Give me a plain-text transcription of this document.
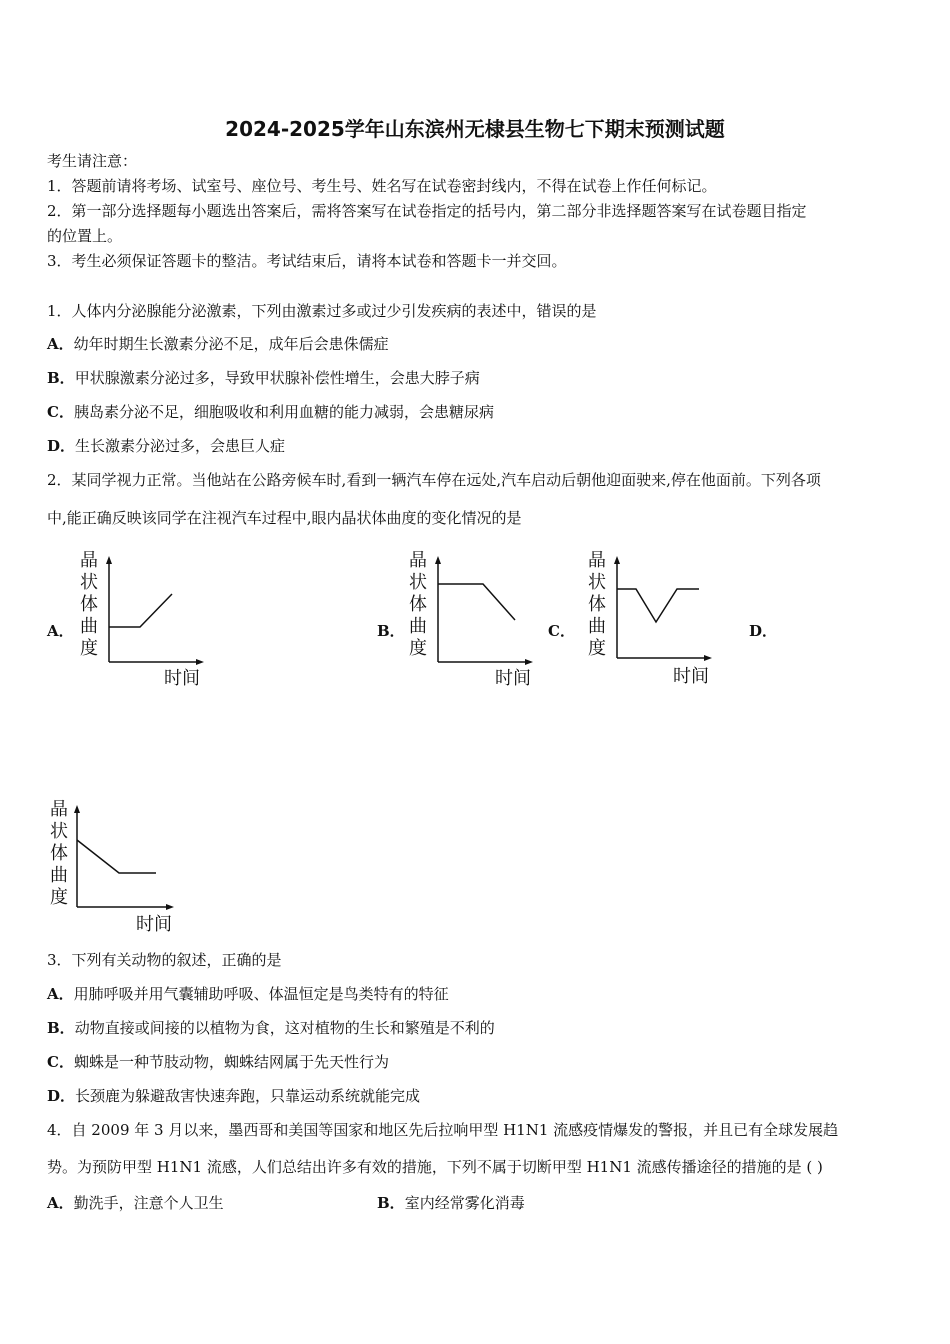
2024-2025学年山东滨州无棣县生物七下期末预测试题
考生请注意：
1．答题前请将考场、试室号、座位号、考生号、姓名写在试卷密封线内，不得在试卷上作任何标记。
2．第一部分选择题每小题选出答案后，需将答案写在试卷指定的括号内，第二部分非选择题答案写在试卷题目指定
的位置上。
3．考生必须保证答题卡的整洁。考试结束后，请将本试卷和答题卡一并交回。
1．人体内分泌腺能分泌激素，下列由激素过多或过少引发疾病的表述中，错误的是
A．幼年时期生长激素分泌不足，成年后会患侏儒症
B．甲状腺激素分泌过多，导致甲状腺补偿性增生，会患大脖子病
C．胰岛素分泌不足，细胞吸收和利用血糖的能力减弱，会患糖尿病
D．生长激素分泌过多，会患巨人症
2．某同学视力正常。当他站在公路旁候车时,看到一辆汽车停在远处,汽车启动后朝他迎面驶来,停在他面前。下列各项
中,能正确反映该同学在注视汽车过程中,眼内晶状体曲度的变化情况的是
A．	B．	C．	D．
晶
状
体
曲
度
时间
晶
状
体
曲
度
时间
晶
状
体
曲
度
时间
晶
状
体
曲
度
时间
3．下列有关动物的叙述，正确的是
A．用肺呼吸并用气囊辅助呼吸、体温恒定是鸟类特有的特征
B．动物直接或间接的以植物为食，这对植物的生长和繁殖是不利的
C．蜘蛛是一种节肢动物，蜘蛛结网属于先天性行为
D．长颈鹿为躲避敌害快速奔跑，只靠运动系统就能完成
4．自 2009 年 3 月以来，墨西哥和美国等国家和地区先后拉响甲型 H1N1 流感疫情爆发的警报，并且已有全球发展趋
势。为预防甲型 H1N1 流感，人们总结出许多有效的措施，下列不属于切断甲型 H1N1 流感传播途径的措施的是 ( )
A．勤洗手，注意个人卫生	B．室内经常雾化消毒
